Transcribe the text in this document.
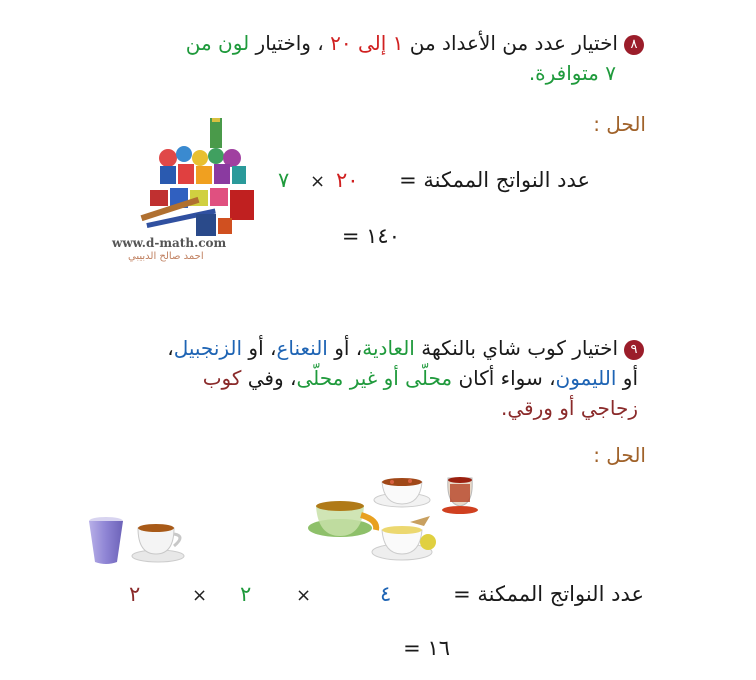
٨اختيار عدد من الأعداد من ١ إلى ٢٠ ، واختيار لون من
٧ متوافرة.
الحل :
www.d-math.com
احمد صالح الدبيبي
عدد النواتج الممكنة =
٢٠
×
٧
١٤٠ =
٩اختيار كوب شاي بالنكهة العادية، أو النعناع، أو الزنجبيل،
أو الليمون، سواء أكان محلّى أو غير محلّى، وفي كوب
زجاجي أو ورقي.
الحل :
عدد النواتج الممكنة =
٤
×
٢
×
٢
١٦ =
